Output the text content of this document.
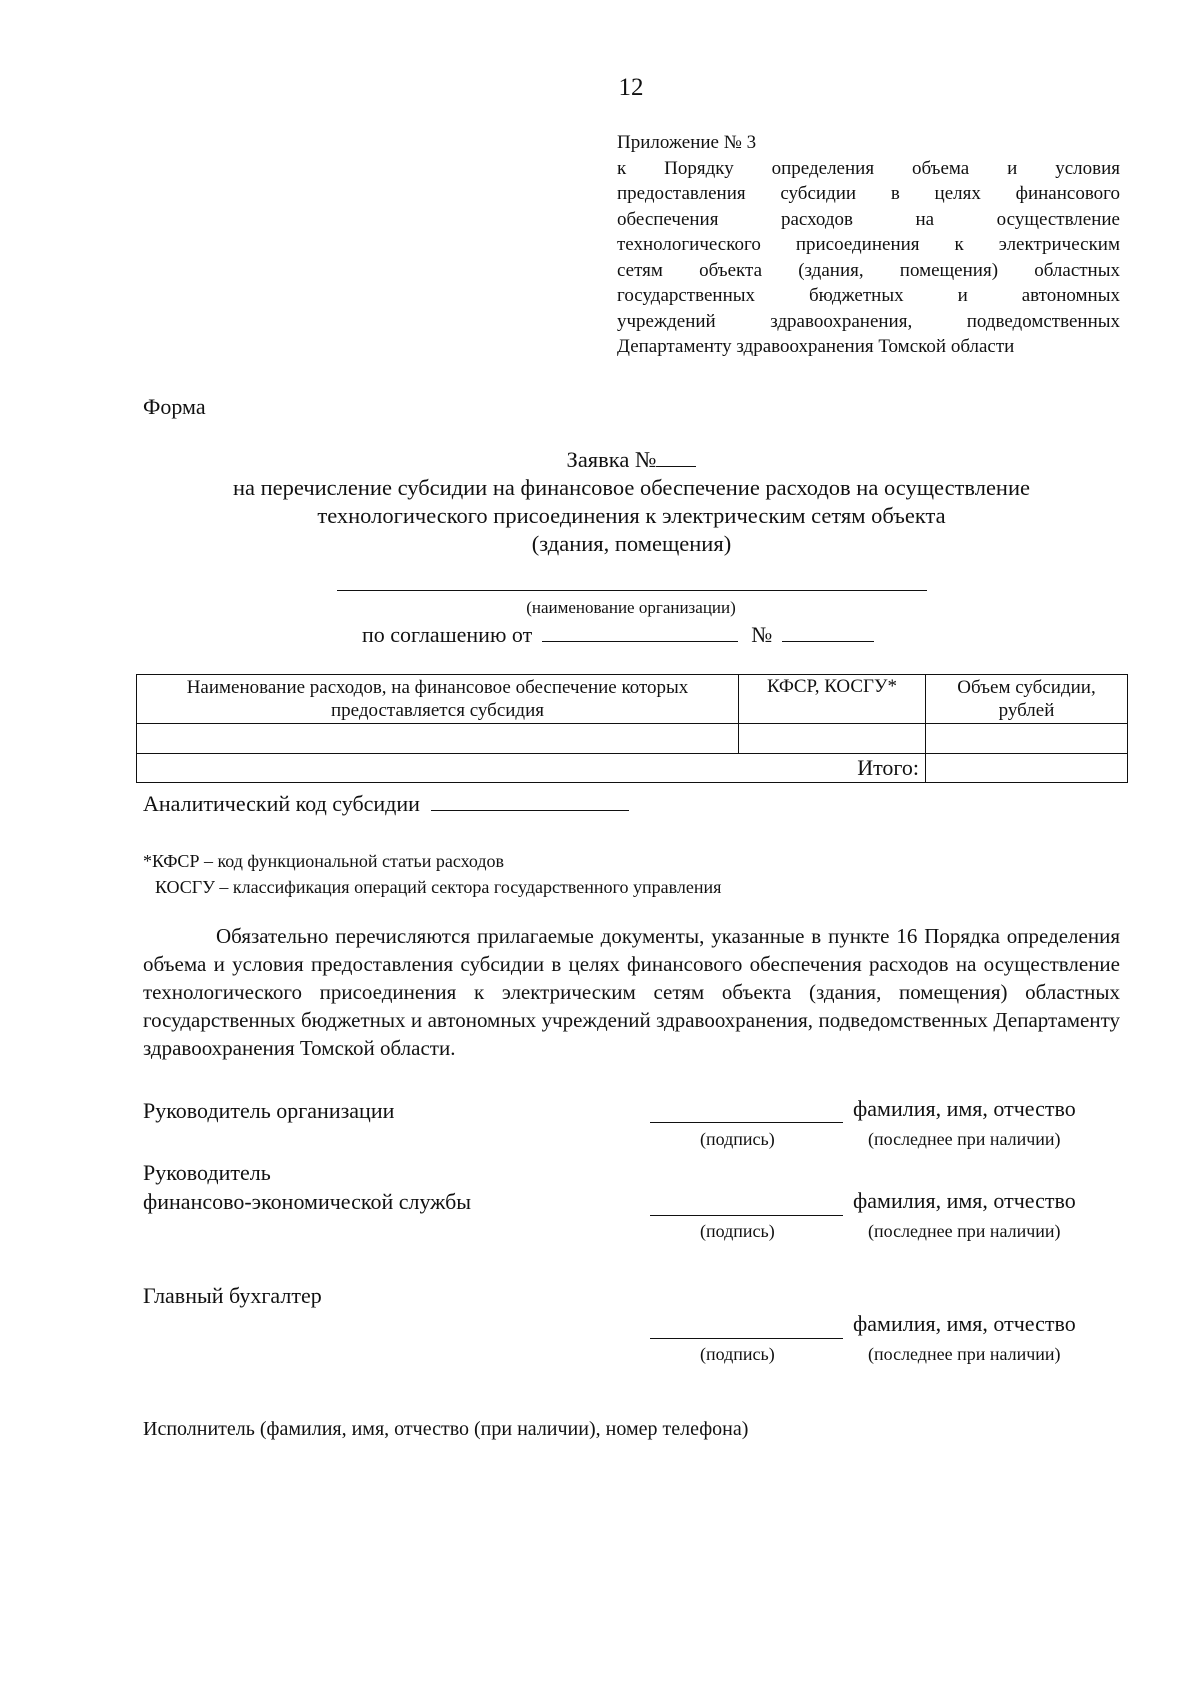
12
Приложение № 3
к Порядку определения объема и условия
предоставления субсидии в целях финансового
обеспечения расходов на осуществление
технологического присоединения к электрическим
сетям объекта (здания, помещения) областных
государственных бюджетных и автономных
учреждений здравоохранения, подведомственных
Департаменту здравоохранения Томской области
Форма
Заявка №
на перечисление субсидии на финансовое обеспечение расходов на осуществление
технологического присоединения к электрическим сетям объекта
(здания, помещения)
(наименование организации)
по соглашению от	№
Наименование расходов, на финансовое обеспечение которых предоставляется субсидия	КФСР, КОСГУ*	Объем субсидии, рублей

Итого:		
Аналитический код субсидии
*КФСР – код функциональной статьи расходов
КОСГУ – классификация операций сектора государственного управления

Обязательно перечисляются прилагаемые документы, указанные в пункте 16 Порядка определения объема и условия предоставления субсидии в целях финансового обеспечения расходов на осуществление технологического присоединения к электрическим сетям объекта (здания, помещения) областных государственных бюджетных и автономных учреждений здравоохранения, подведомственных Департаменту здравоохранения Томской области.

Руководитель организации	фамилия, имя, отчество
(подпись)	(последнее при наличии)
Руководитель
финансово-экономической службы	фамилия, имя, отчество
(подпись)	(последнее при наличии)
Главный бухгалтер
фамилия, имя, отчество
(подпись)	(последнее при наличии)
Исполнитель (фамилия, имя, отчество (при наличии), номер телефона)
